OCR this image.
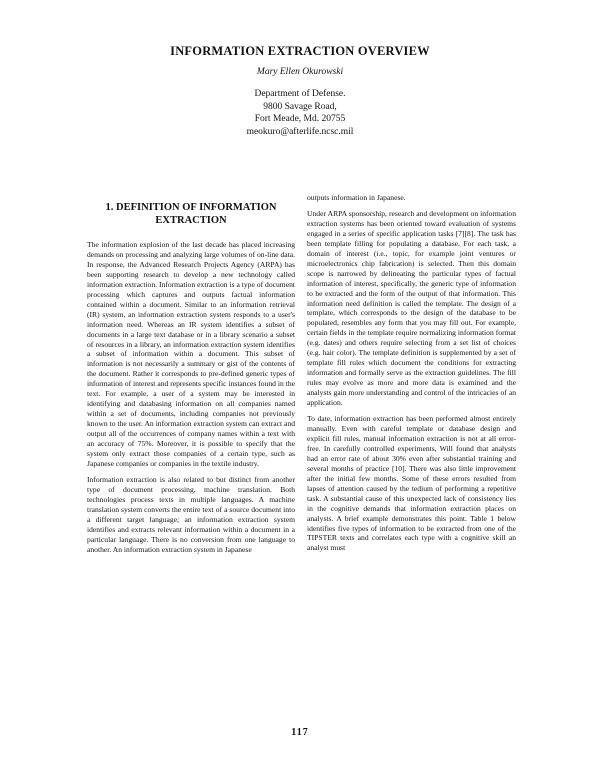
INFORMATION EXTRACTION OVERVIEW
Mary Ellen Okurowski
Department of Defense.
9800 Savage Road,
Fort Meade, Md. 20755
meokuro@afterlife.ncsc.mil
1. DEFINITION OF INFORMATION EXTRACTION

The information explosion of the last decade has placed increasing demands on processing and analyzing large volumes of on-line data. In response, the Advanced Research Projects Agency (ARPA) has been supporting research to develop a new technology called information extraction. Information extraction is a type of document processing which captures and outputs factual information contained within a document. Similar to an information retrieval (IR) system, an information extraction system responds to a user's information need. Whereas an IR system identifies a subset of documents in a large text database or in a library scenario a subset of resources in a library, an information extraction system identifies a subset of information within a document. This subset of information is not necessarily a summary or gist of the contents of the document. Rather it corresponds to pre-defined generic types of information of interest and represents specific instances found in the text. For example, a user of a system may be interested in identifying and databasing information on all companies named within a set of documents, including companies not previously known to the user. An information extraction system can extract and output all of the occurrences of company names within a text with an accuracy of 75%. Moreover, it is possible to specify that the system only extract those companies of a certain type, such as Japanese companies or companies in the textile industry.

Information extraction is also related to but distinct from another type of document processing, machine translation. Both technologies process texts in multiple languages. A machine translation system converts the entire text of a source document into a different target language; an information extraction system identifies and extracts relevant information within a document in a particular language. There is no conversion from one language to another. An information extraction system in Japanese

outputs information in Japanese.

Under ARPA sponsorship, research and development on information extraction systems has been oriented toward evaluation of systems engaged in a series of specific application tasks [7][8]. The task has been template filling for populating a database. For each task, a domain of interest (i.e., topic, for example joint ventures or microelectronics chip fabrication) is selected. Then this domain scope is narrowed by delineating the particular types of factual information of interest, specifically, the generic type of information to be extracted and the form of the output of that information. This information need definition is called the template. The design of a template, which corresponds to the design of the database to be populated, resembles any form that you may fill out. For example, certain fields in the template require normalizing information format (e.g. dates) and others require selecting from a set list of choices (e.g. hair color). The template definition is supplemented by a set of template fill rules which document the conditions for extracting information and formally serve as the extraction guidelines. The fill rules may evolve as more and more data is examined and the analysts gain more understanding and control of the intricacies of an application.

To date, information extraction has been performed almost entirely manually. Even with careful template or database design and explicit fill rules, manual information extraction is not at all error-free. In carefully controlled experiments, Will found that analysts had an error rate of about 30% even after substantial training and several months of practice [10]. There was also little improvement after the initial few months. Some of these errors resulted from lapses of attention caused by the tedium of performing a repetitive task. A substantial cause of this unexpected lack of consistency lies in the cognitive demands that information extraction places on analysts. A brief example demonstrates this point. Table 1 below identifies five types of information to be extracted from one of the TIPSTER texts and correlates each type with a cognitive skill an analyst must

117
